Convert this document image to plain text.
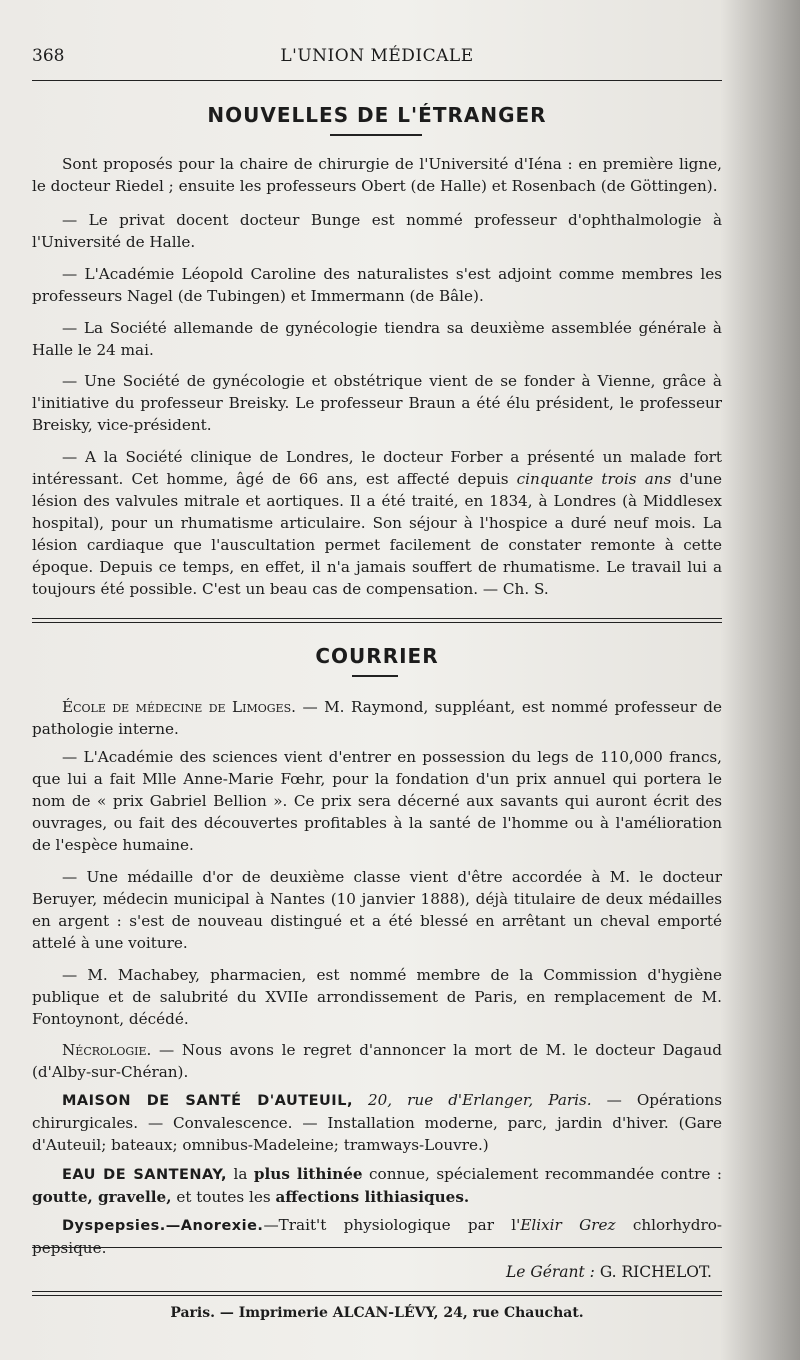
368	L'UNION MÉDICALE
NOUVELLES DE L'ÉTRANGER

Sont proposés pour la chaire de chirurgie de l'Université d'Iéna : en première ligne, le docteur Riedel ; ensuite les professeurs Obert (de Halle) et Rosenbach (de Göttingen).

— Le privat docent docteur Bunge est nommé professeur d'ophthalmologie à l'Université de Halle.

— L'Académie Léopold Caroline des naturalistes s'est adjoint comme membres les professeurs Nagel (de Tubingen) et Immermann (de Bâle).

— La Société allemande de gynécologie tiendra sa deuxième assemblée générale à Halle le 24 mai.

— Une Société de gynécologie et obstétrique vient de se fonder à Vienne, grâce à l'initiative du professeur Breisky. Le professeur Braun a été élu président, le professeur Breisky, vice-président.

— A la Société clinique de Londres, le docteur Forber a présenté un malade fort intéressant. Cet homme, âgé de 66 ans, est affecté depuis cinquante trois ans d'une lésion des valvules mitrale et aortiques. Il a été traité, en 1834, à Londres (à Middlesex hospital), pour un rhumatisme articulaire. Son séjour à l'hospice a duré neuf mois. La lésion cardiaque que l'auscultation permet facilement de constater remonte à cette époque. Depuis ce temps, en effet, il n'a jamais souffert de rhumatisme. Le travail lui a toujours été possible. C'est un beau cas de compensation. — Ch. S.

COURRIER

École de médecine de Limoges. — M. Raymond, suppléant, est nommé professeur de pathologie interne.

— L'Académie des sciences vient d'entrer en possession du legs de 110,000 francs, que lui a fait Mlle Anne-Marie Fœhr, pour la fondation d'un prix annuel qui portera le nom de « prix Gabriel Bellion ». Ce prix sera décerné aux savants qui auront écrit des ouvrages, ou fait des découvertes profitables à la santé de l'homme ou à l'amélioration de l'espèce humaine.

— Une médaille d'or de deuxième classe vient d'être accordée à M. le docteur Beruyer, médecin municipal à Nantes (10 janvier 1888), déjà titulaire de deux médailles en argent : s'est de nouveau distingué et a été blessé en arrêtant un cheval emporté attelé à une voiture.

— M. Machabey, pharmacien, est nommé membre de la Commission d'hygiène publique et de salubrité du XVIIe arrondissement de Paris, en remplacement de M. Fontoynont, décédé.

Nécrologie. — Nous avons le regret d'annoncer la mort de M. le docteur Dagaud (d'Alby-sur-Chéran).

MAISON DE SANTÉ D'AUTEUIL, 20, rue d'Erlanger, Paris. — Opérations chirurgicales. — Convalescence. — Installation moderne, parc, jardin d'hiver. (Gare d'Auteuil; bateaux; omnibus-Madeleine; tramways-Louvre.)

EAU DE SANTENAY, la plus lithinée connue, spécialement recommandée contre : goutte, gravelle, et toutes les affections lithiasiques.

Dyspepsies.—Anorexie.—Trait't physiologique par l'Elixir Grez chlorhydro-pepsique.

Le Gérant : G. RICHELOT.
Paris. — Imprimerie ALCAN-LÉVY, 24, rue Chauchat.
